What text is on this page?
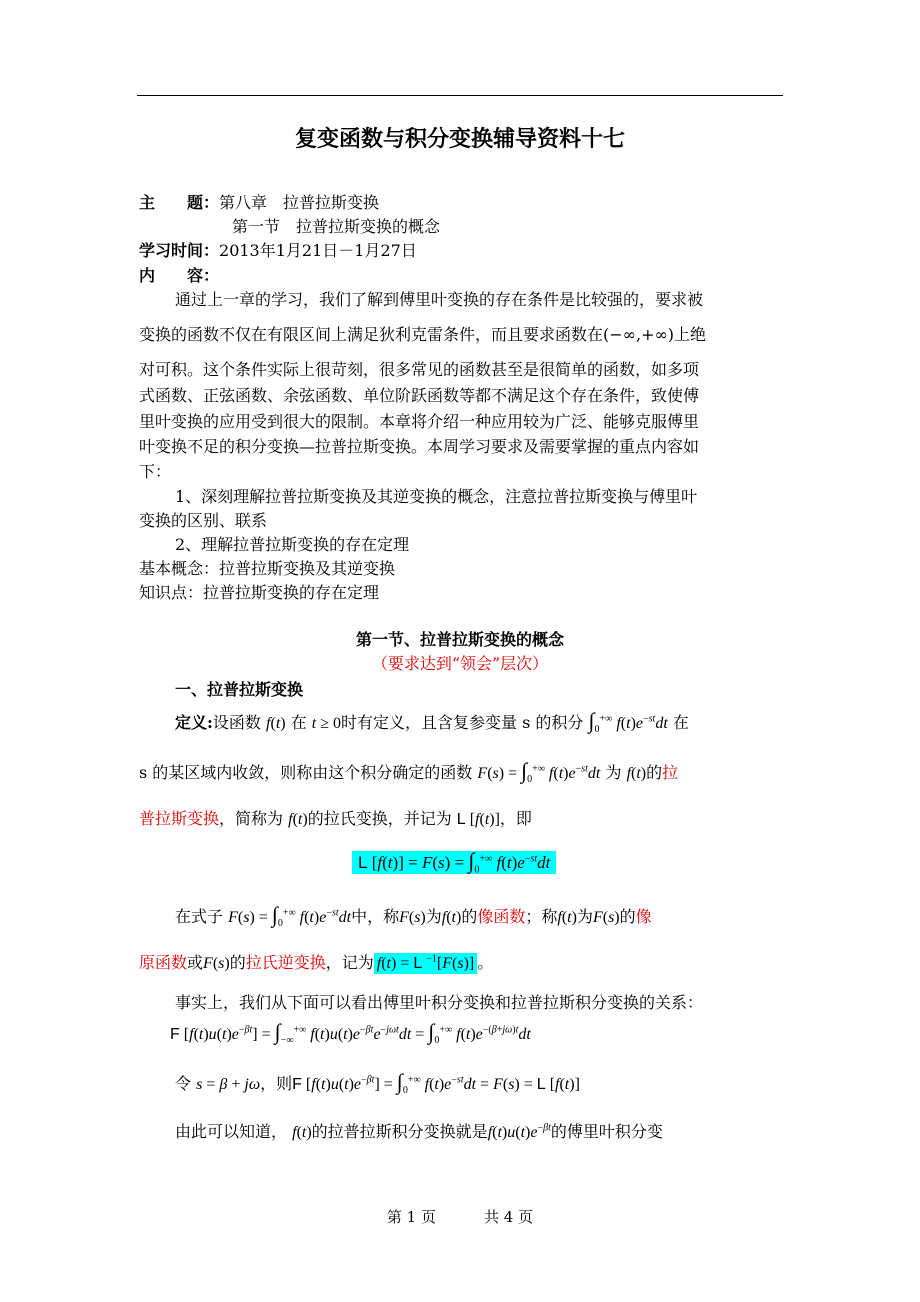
复变函数与积分变换辅导资料十七
主　　题：第八章　拉普拉斯变换
第一节　拉普拉斯变换的概念
学习时间：2013年1月21日－1月27日
内　　容：
通过上一章的学习，我们了解到傅里叶变换的存在条件是比较强的，要求被
变换的函数不仅在有限区间上满足狄利克雷条件，而且要求函数在(−∞,+∞)上绝
对可积。这个条件实际上很苛刻，很多常见的函数甚至是很简单的函数，如多项
式函数、正弦函数、余弦函数、单位阶跃函数等都不满足这个存在条件，致使傅
里叶变换的应用受到很大的限制。本章将介绍一种应用较为广泛、能够克服傅里
叶变换不足的积分变换—拉普拉斯变换。本周学习要求及需要掌握的重点内容如
下：
1、深刻理解拉普拉斯变换及其逆变换的概念，注意拉普拉斯变换与傅里叶
变换的区别、联系
2、理解拉普拉斯变换的存在定理
基本概念：拉普拉斯变换及其逆变换
知识点：拉普拉斯变换的存在定理
第一节、拉普拉斯变换的概念
（要求达到“领会”层次）
一、拉普拉斯变换
定义:设函数 f(t) 在 t ≥ 0时有定义，且含复参变量 s 的积分 $\int_0^{+\infty}$ $f(t)e^{-st}dt$ 在
s 的某区域内收敛，则称由这个积分确定的函数 $F(s) = \int_0^{+\infty}$ $f(t)e^{-st}dt$ 为 f(t)的拉
普拉斯变换，简称为 f(t)的拉氏变换，并记为 L [f(t)]，即
L $[f(t)] = F(s) = \int_0^{+\infty}$ $f(t)e^{-st}dt$
在式子 $F(s) = \int_0^{+\infty}$ $f(t)e^{-st}dt$中，称F(s)为f(t)的像函数；称f(t)为F(s)的像
原函数或F(s)的拉氏逆变换，记为 f(t) = L $^{-1}$[F(s)] 。
事实上，我们从下面可以看出傅里叶积分变换和拉普拉斯积分变换的关系：
F $[f(t)u(t)e^{-\beta t}] = \int_{-\infty}^{+\infty}$ $f(t)u(t)e^{-\beta t}e^{-j\omega t}dt = \int_0^{+\infty}$ $f(t)e^{-(\beta+j\omega)t}dt$
令 s = β + jω，则F $[f(t)u(t)e^{-\beta t}] = \int_0^{+\infty}$ $f(t)e^{-st}dt = F(s) = L$ [f(t)]
由此可以知道， f(t)的拉普拉斯积分变换就是$f(t)u(t)e^{-\beta t}$的傅里叶积分变
第 1 页	共 4 页
